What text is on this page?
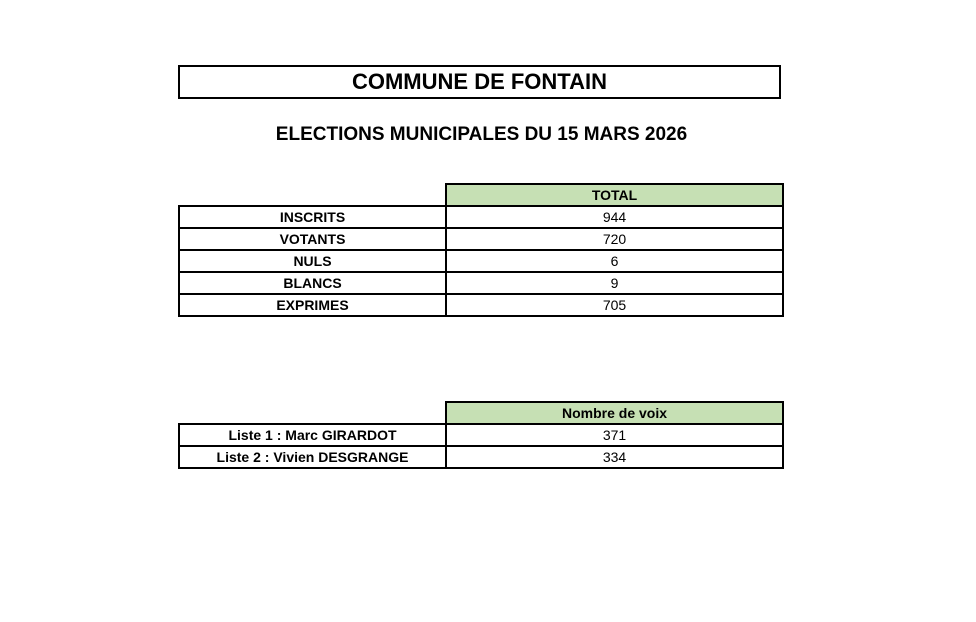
COMMUNE DE FONTAIN
ELECTIONS MUNICIPALES DU 15 MARS 2026
	TOTAL
INSCRITS	944
VOTANTS	720
NULS	6
BLANCS	9
EXPRIMES	705
	Nombre de voix
Liste 1 : Marc GIRARDOT	371
Liste 2 : Vivien DESGRANGE	334
